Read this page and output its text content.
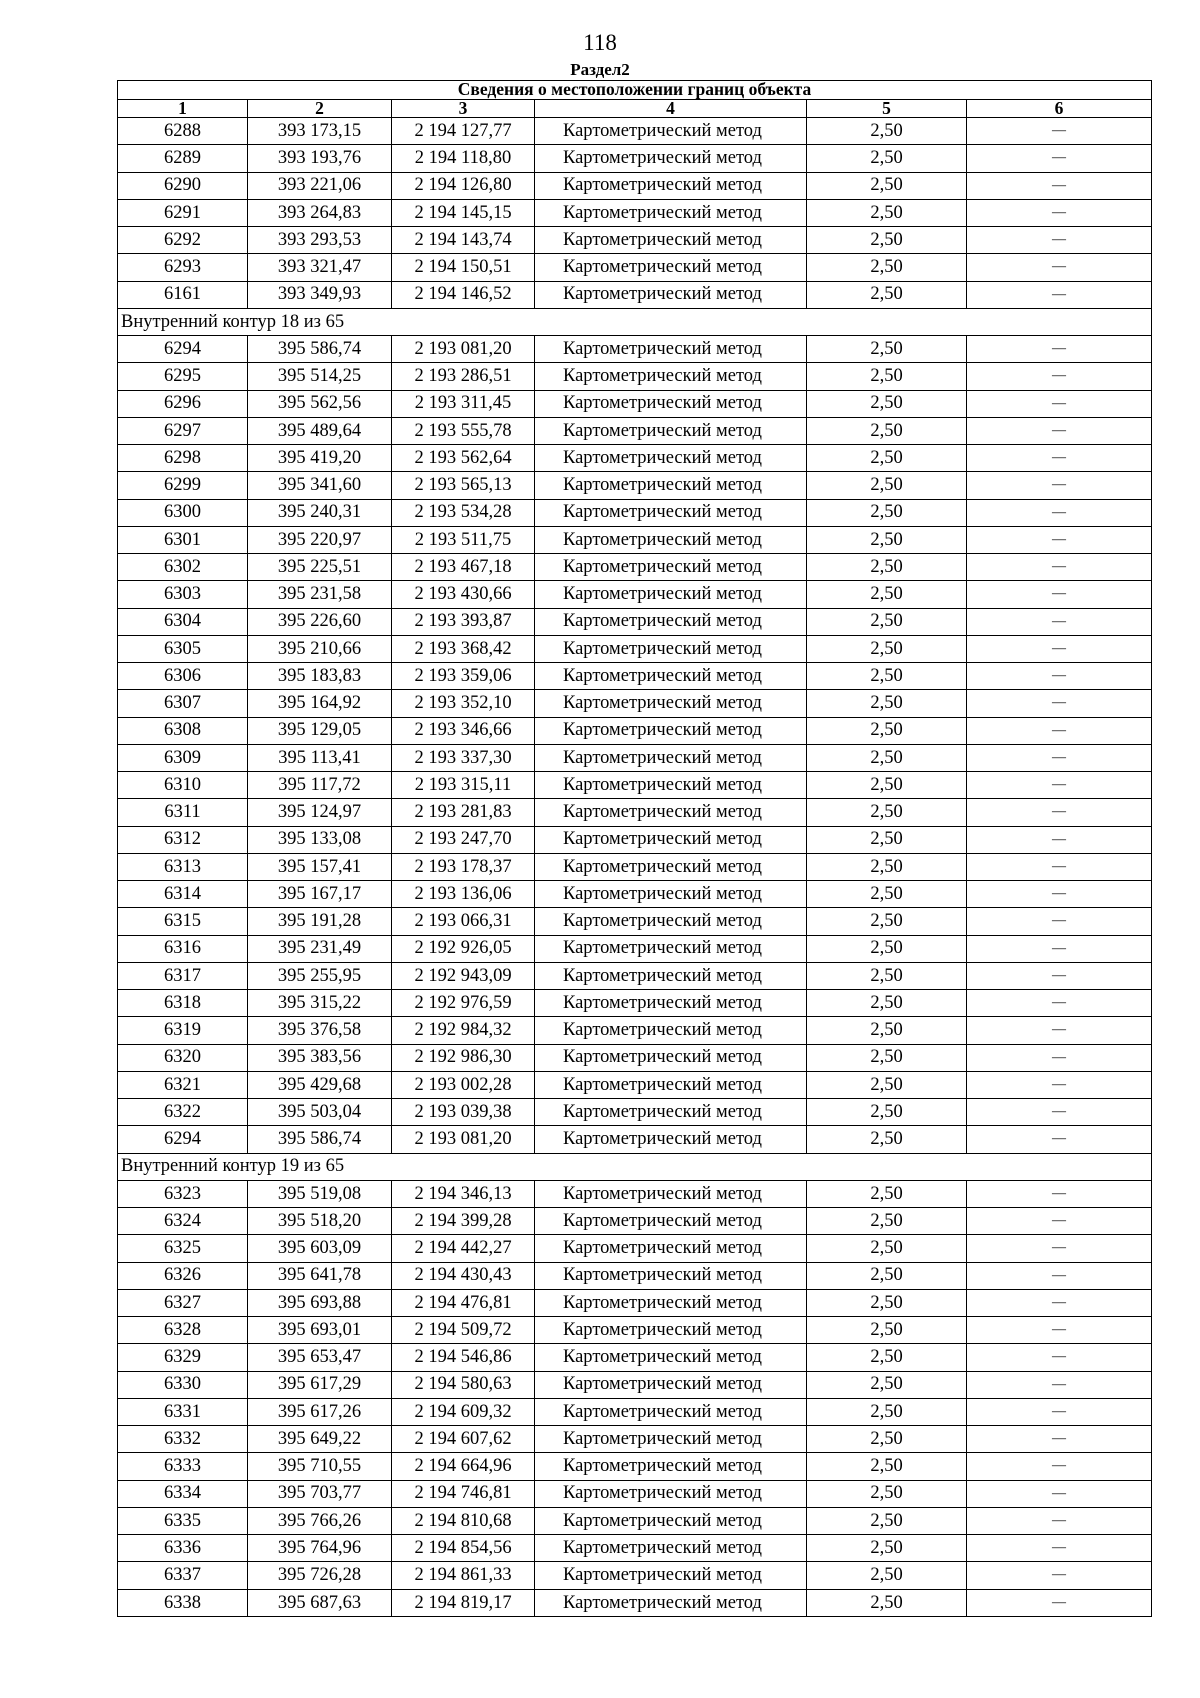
118
Раздел2
Сведения о местоположении границ объекта					
1	2	3	4	5	6
6288	393 173,15	2 194 127,77	Картометрический метод	2,50	—
6289	393 193,76	2 194 118,80	Картометрический метод	2,50	—
6290	393 221,06	2 194 126,80	Картометрический метод	2,50	—
6291	393 264,83	2 194 145,15	Картометрический метод	2,50	—
6292	393 293,53	2 194 143,74	Картометрический метод	2,50	—
6293	393 321,47	2 194 150,51	Картометрический метод	2,50	—
6161	393 349,93	2 194 146,52	Картометрический метод	2,50	—
Внутренний контур 18 из 65					
6294	395 586,74	2 193 081,20	Картометрический метод	2,50	—
6295	395 514,25	2 193 286,51	Картометрический метод	2,50	—
6296	395 562,56	2 193 311,45	Картометрический метод	2,50	—
6297	395 489,64	2 193 555,78	Картометрический метод	2,50	—
6298	395 419,20	2 193 562,64	Картометрический метод	2,50	—
6299	395 341,60	2 193 565,13	Картометрический метод	2,50	—
6300	395 240,31	2 193 534,28	Картометрический метод	2,50	—
6301	395 220,97	2 193 511,75	Картометрический метод	2,50	—
6302	395 225,51	2 193 467,18	Картометрический метод	2,50	—
6303	395 231,58	2 193 430,66	Картометрический метод	2,50	—
6304	395 226,60	2 193 393,87	Картометрический метод	2,50	—
6305	395 210,66	2 193 368,42	Картометрический метод	2,50	—
6306	395 183,83	2 193 359,06	Картометрический метод	2,50	—
6307	395 164,92	2 193 352,10	Картометрический метод	2,50	—
6308	395 129,05	2 193 346,66	Картометрический метод	2,50	—
6309	395 113,41	2 193 337,30	Картометрический метод	2,50	—
6310	395 117,72	2 193 315,11	Картометрический метод	2,50	—
6311	395 124,97	2 193 281,83	Картометрический метод	2,50	—
6312	395 133,08	2 193 247,70	Картометрический метод	2,50	—
6313	395 157,41	2 193 178,37	Картометрический метод	2,50	—
6314	395 167,17	2 193 136,06	Картометрический метод	2,50	—
6315	395 191,28	2 193 066,31	Картометрический метод	2,50	—
6316	395 231,49	2 192 926,05	Картометрический метод	2,50	—
6317	395 255,95	2 192 943,09	Картометрический метод	2,50	—
6318	395 315,22	2 192 976,59	Картометрический метод	2,50	—
6319	395 376,58	2 192 984,32	Картометрический метод	2,50	—
6320	395 383,56	2 192 986,30	Картометрический метод	2,50	—
6321	395 429,68	2 193 002,28	Картометрический метод	2,50	—
6322	395 503,04	2 193 039,38	Картометрический метод	2,50	—
6294	395 586,74	2 193 081,20	Картометрический метод	2,50	—
Внутренний контур 19 из 65					
6323	395 519,08	2 194 346,13	Картометрический метод	2,50	—
6324	395 518,20	2 194 399,28	Картометрический метод	2,50	—
6325	395 603,09	2 194 442,27	Картометрический метод	2,50	—
6326	395 641,78	2 194 430,43	Картометрический метод	2,50	—
6327	395 693,88	2 194 476,81	Картометрический метод	2,50	—
6328	395 693,01	2 194 509,72	Картометрический метод	2,50	—
6329	395 653,47	2 194 546,86	Картометрический метод	2,50	—
6330	395 617,29	2 194 580,63	Картометрический метод	2,50	—
6331	395 617,26	2 194 609,32	Картометрический метод	2,50	—
6332	395 649,22	2 194 607,62	Картометрический метод	2,50	—
6333	395 710,55	2 194 664,96	Картометрический метод	2,50	—
6334	395 703,77	2 194 746,81	Картометрический метод	2,50	—
6335	395 766,26	2 194 810,68	Картометрический метод	2,50	—
6336	395 764,96	2 194 854,56	Картометрический метод	2,50	—
6337	395 726,28	2 194 861,33	Картометрический метод	2,50	—
6338	395 687,63	2 194 819,17	Картометрический метод	2,50	—
